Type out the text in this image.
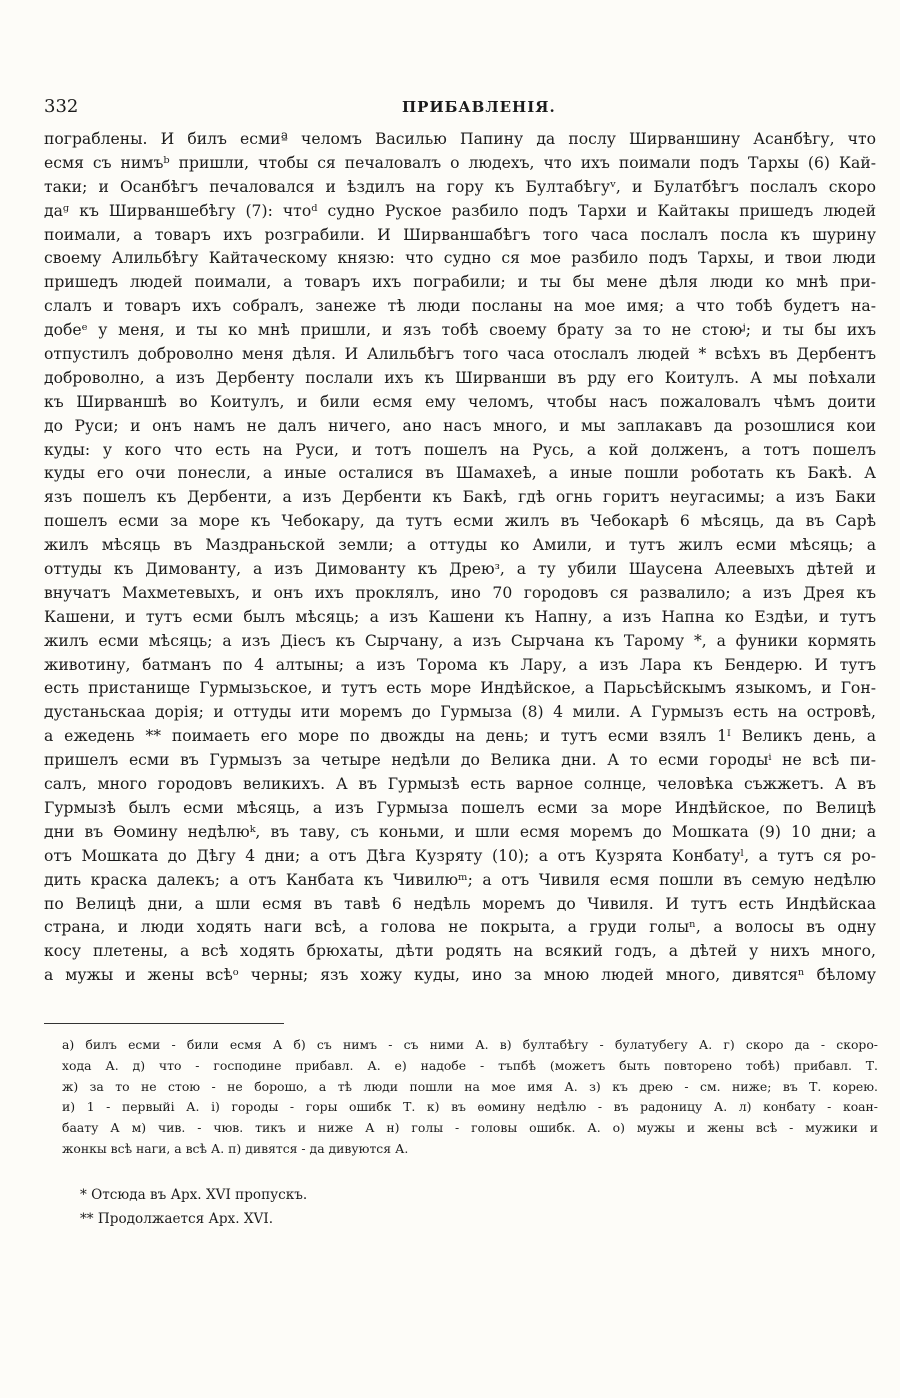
332	ПРИБАВЛЕНІЯ.
пограблены. И билъ есмиª челомъ Василью Папину да послу Ширваншину Асанбѣгу, что
есмя съ нимъᵇ пришли, чтобы ся печаловалъ о людехъ, что ихъ поимали подъ Тархы (6) Кай-
таки; и Осанбѣгъ печаловался и ѣздилъ на гору къ Бултабѣгуᵛ, и Булатбѣгъ послалъ скоро
даᶢ къ Ширваншебѣгу (7): чтоᵈ судно Руское разбило подъ Тархи и Кайтакы пришедъ людей
поимали, а товаръ ихъ розграбили. И Ширваншабѣгъ того часа послалъ посла къ шурину
своему Алильбѣгу Кайтаческому князю: что судно ся мое разбило подъ Тархы, и твои люди
пришедъ людей поимали, а товаръ ихъ пограбили; и ты бы мене дѣля люди ко мнѣ при-
слалъ и товаръ ихъ собралъ, занеже тѣ люди посланы на мое имя; а что тобѣ будетъ на-
добеᵉ у меня, и ты ко мнѣ пришли, и язъ тобѣ своему брату за то не стоюᶨ; и ты бы ихъ
отпустилъ доброволно меня дѣля. И Алильбѣгъ того часа отослалъ людей * всѣхъ въ Дербентъ
доброволно, а изъ Дербенту послали ихъ къ Ширванши въ рду его Коитулъ. А мы поѣхали
къ Ширваншѣ во Коитулъ, и били есмя ему челомъ, чтобы насъ пожаловалъ чѣмъ доити
до Руси; и онъ намъ не далъ ничего, ано насъ много, и мы заплакавъ да розошлися кои
куды: у кого что есть на Руси, и тотъ пошелъ на Русь, а кой долженъ, а тотъ пошелъ
куды его очи понесли, а иные осталися въ Шамахеѣ, а иные пошли роботать къ Бакѣ. А
язъ пошелъ къ Дербенти, а изъ Дербенти къ Бакѣ, гдѣ огнь горитъ неугасимы; а изъ Баки
пошелъ есми за море къ Чебокару, да тутъ есми жилъ въ Чебокарѣ 6 мѣсяць, да въ Сарѣ
жилъ мѣсяць въ Маздраньской земли; а оттуды ко Амили, и тутъ жилъ есми мѣсяць; а
оттуды къ Димованту, а изъ Димованту къ Дреюᶟ, а ту убили Шаусена Алеевыхъ дѣтей и
внучатъ Махметевыхъ, и онъ ихъ проклялъ, ино 70 городовъ ся развалило; а изъ Дрея къ
Кашени, и тутъ есми былъ мѣсяць; а изъ Кашени къ Напну, а изъ Напна ко Ездѣи, и тутъ
жилъ есми мѣсяць; а изъ Діесъ къ Сырчану, а изъ Сырчана къ Тарому *, а фуники кормять
животину, батманъ по 4 алтыны; а изъ Торома къ Лару, а изъ Лара къ Бендерю. И тутъ
есть пристанище Гурмызьское, и тутъ есть море Индѣйское, а Парьсѣйскымъ языкомъ, и Гон-
дустаньскаа дорія; и оттуды ити моремъ до Гурмыза (8) 4 мили. А Гурмызъ есть на островѣ,
а ежедень ** поимаеть его море по двожды на день; и тутъ есми взялъ 1ᴵ Великъ день, а
пришелъ есми въ Гурмызъ за четыре недѣли до Велика дни. А то есми городыⁱ не всѣ пи-
салъ, много городовъ великихъ. А въ Гурмызѣ есть варное солнце, человѣка съжжетъ. А въ
Гурмызѣ былъ есми мѣсяць, а изъ Гурмыза пошелъ есми за море Индѣйское, по Велицѣ
дни въ Ѳомину недѣлюᵏ, въ таву, съ коньми, и шли есмя моремъ до Мошката (9) 10 дни; а
отъ Мошката до Дѣгу 4 дни; а отъ Дѣга Кузряту (10); а отъ Кузрята Конбатуˡ, а тутъ ся ро-
дить краска далекъ; а отъ Канбата къ Чивилюᵐ; а отъ Чивиля есмя пошли въ семую недѣлю
по Велицѣ дни, а шли есмя въ тавѣ 6 недѣль моремъ до Чивиля. И тутъ есть Индѣйскаа
страна, и люди ходять наги всѣ, а голова не покрыта, а груди голыⁿ, а волосы въ одну
косу плетены, а всѣ ходять брюхаты, дѣти родять на всякий годъ, а дѣтей у нихъ много,
а мужы и жены всѣᵒ черны; язъ хожу куды, ино за мною людей много, дивятсяⁿ бѣлому
а) билъ есми - били есмя А б) съ нимъ - съ ними А. в) бултабѣгу - булатубегу А. г) скоро да - скоро-
хода А. д) что - господине прибавл. А. е) надобе - тъпбѣ (можетъ быть повторено тобѣ) прибавл. Т.
ж) за то не стою - не борошо, а тѣ люди пошли на мое имя А. з) къ дрею - см. ниже; въ Т. корею.
и) 1 - первыйі А. і) городы - горы ошибк Т. к) въ ѳомину недѣлю - въ радоницу А. л) конбату - коан-
баату А м) чив. - чюв. тикъ и ниже А н) голы - головы ошибк. А. о) мужы и жены всѣ - мужики и
жонкы всѣ наги, а всѣ А. п) дивятся - да дивуются А.
* Отсюда въ Арх. XVI пропускъ.
** Продолжается Арх. XVI.
